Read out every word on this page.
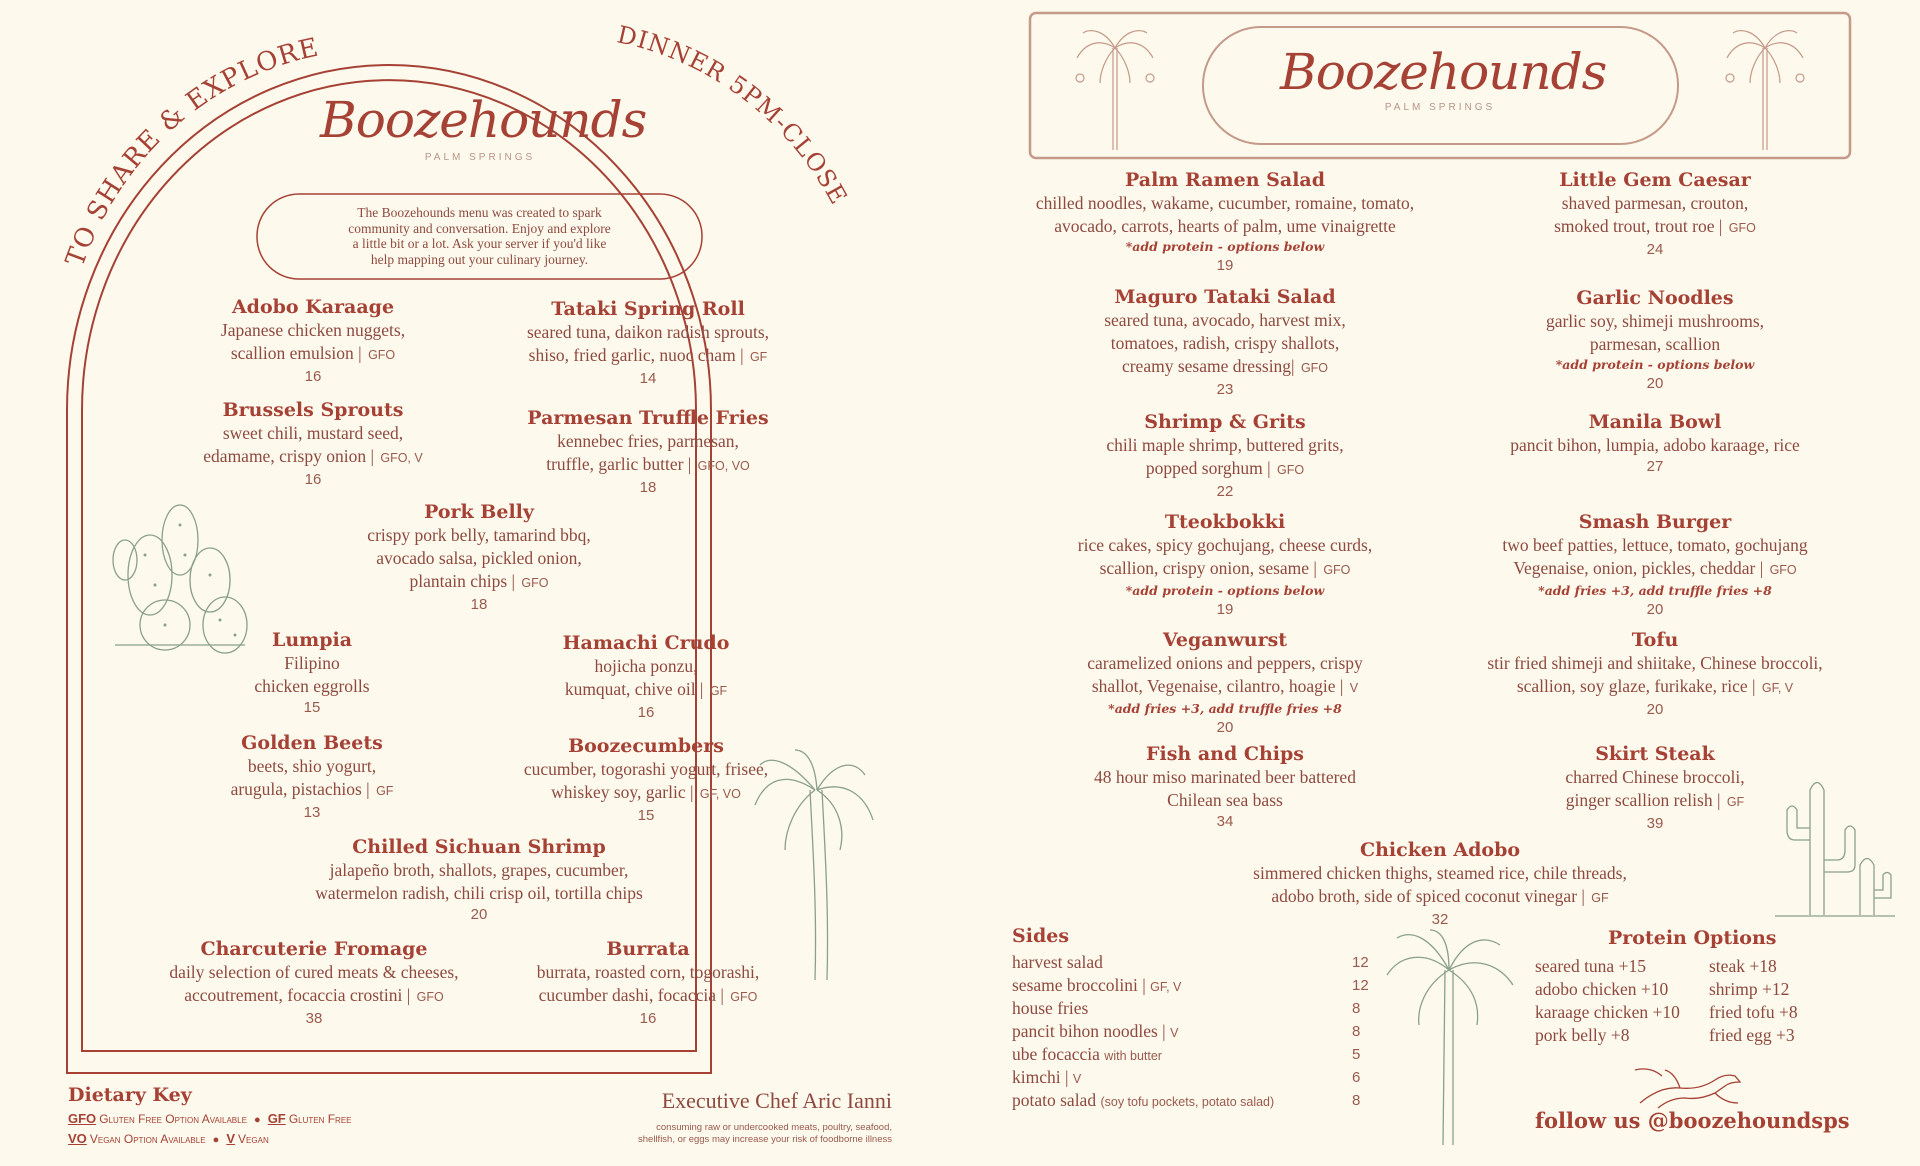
TO SHARE & EXPLORE	DINNER 5PM-CLOSE
Boozehounds
PALM SPRINGS
The Boozehounds menu was created to spark
community and conversation. Enjoy and explore
a little bit or a lot. Ask your server if you'd like
help mapping out your culinary journey.
Adobo Karaage
Japanese chicken nuggets,
scallion emulsion | GFO
16
Tataki Spring Roll
seared tuna, daikon radish sprouts,
shiso, fried garlic, nuoc cham | GF
14
Brussels Sprouts
sweet chili, mustard seed,
edamame, crispy onion | GFO, V
16
Parmesan Truffle Fries
kennebec fries, parmesan,
truffle, garlic butter | GFO, VO
18
Pork Belly
crispy pork belly, tamarind bbq,
avocado salsa, pickled onion,
plantain chips | GFO
18
Lumpia
Filipino
chicken eggrolls
15
Hamachi Crudo
hojicha ponzu,
kumquat, chive oil | GF
16
Golden Beets
beets, shio yogurt,
arugula, pistachios | GF
13
Boozecumbers
cucumber, togorashi yogurt, frisee,
whiskey soy, garlic | GF, VO
15
Chilled Sichuan Shrimp
jalapeño broth, shallots, grapes, cucumber,
watermelon radish, chili crisp oil, tortilla chips
20
Charcuterie Fromage
daily selection of cured meats & cheeses,
accoutrement, focaccia crostini | GFO
38
Burrata
burrata, roasted corn, togorashi,
cucumber dashi, focaccia | GFO
16
Dietary Key
GFO Gluten Free Option Available ● GF Gluten Free
VO Vegan Option Available ● V Vegan
Executive Chef Aric Ianni
consuming raw or undercooked meats, poultry, seafood,
shellfish, or eggs may increase your risk of foodborne illness
Boozehounds
PALM SPRINGS
Palm Ramen Salad
chilled noodles, wakame, cucumber, romaine, tomato,
avocado, carrots, hearts of palm, ume vinaigrette
*add protein - options below
19
Little Gem Caesar
shaved parmesan, crouton,
smoked trout, trout roe | GFO
24
Maguro Tataki Salad
seared tuna, avocado, harvest mix,
tomatoes, radish, crispy shallots,
creamy sesame dressing| GFO
23
Garlic Noodles
garlic soy, shimeji mushrooms,
parmesan, scallion
*add protein - options below
20
Shrimp & Grits
chili maple shrimp, buttered grits,
popped sorghum | GFO
22
Manila Bowl
pancit bihon, lumpia, adobo karaage, rice
27
Tteokbokki
rice cakes, spicy gochujang, cheese curds,
scallion, crispy onion, sesame | GFO
*add protein - options below
19
Smash Burger
two beef patties, lettuce, tomato, gochujang
Vegenaise, onion, pickles, cheddar | GFO
*add fries +3, add truffle fries +8
20
Veganwurst
caramelized onions and peppers, crispy
shallot, Vegenaise, cilantro, hoagie | V
*add fries +3, add truffle fries +8
20
Tofu
stir fried shimeji and shiitake, Chinese broccoli,
scallion, soy glaze, furikake, rice | GF, V
20
Fish and Chips
48 hour miso marinated beer battered
Chilean sea bass
34
Skirt Steak
charred Chinese broccoli,
ginger scallion relish | GF
39
Chicken Adobo
simmered chicken thighs, steamed rice, chile threads,
adobo broth, side of spiced coconut vinegar | GF
32
Sides
harvest salad	12
sesame broccolini | GF, V	12
house fries	8
pancit bihon noodles | V	8
ube focaccia with butter	5
kimchi | V	6
potato salad (soy tofu pockets, potato salad)	8
Protein Options
seared tuna +15
adobo chicken +10
karaage chicken +10
pork belly +8
steak +18
shrimp +12
fried tofu +8
fried egg +3
follow us @boozehoundsps
